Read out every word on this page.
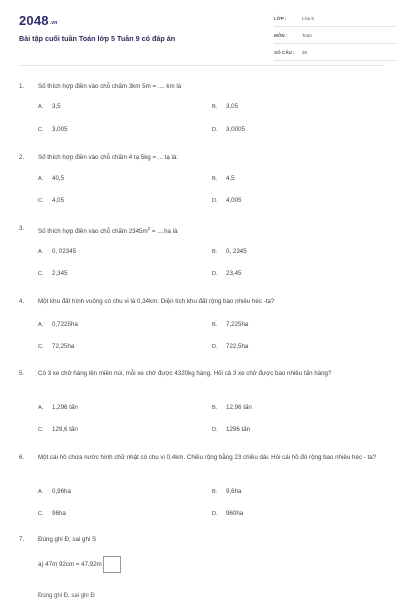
$2048^{.vn}$
Bài tập cuối tuần Toán lớp 5 Tuần 9 có đáp án
LỚP :	Lớp 5
MÔN :	Toán
SỐ CÂU : 36
1. Số thích hợp điền vào chỗ chấm 3km 5m = .... km là
A. 3,5	B. 3,05
C. 3,005	D. 3,0005
2. Số thích hợp điền vào chỗ chấm 4 tạ 5kg = ... tạ là:
A. 40,5	B. 4,5
C. 4,05	D. 4,005
3. Số thích hợp điền vào chỗ chấm $2345m^2 = ....ha$ là
A. 0, 02345	B. 0, 2345
C. 2,345	D. 23,45
4. Một khu đất hình vuông có chu vi là 0,34km. Diện tích khu đất rộng bao nhiêu héc -ta?
A. 0,7225ha	B. 7,225ha
C. 72,25ha	D. 722,5ha
5. Có 3 xe chở hàng lên miền núi, mỗi xe chở được 4320kg hàng. Hỏi cả 3 xe chở được bao nhiêu tấn hàng?
A. 1,296 tấn	B. 12,96 tấn
C. 129,6 tấn	D. 1296 tấn
6. Một cái hồ chứa nước hình chữ nhật có chu vi 0,4km. Chiều rộng bằng 23 chiều dài. Hỏi cái hồ đó rộng bao nhiêu héc - ta?
A. 0,96ha	B. 9,6ha
C. 96ha	D. 960ha
7. Đúng ghi Đ, sai ghi S
a) 47m 92cm = 47,92m
Đúng ghi Đ, sai ghi Đ
